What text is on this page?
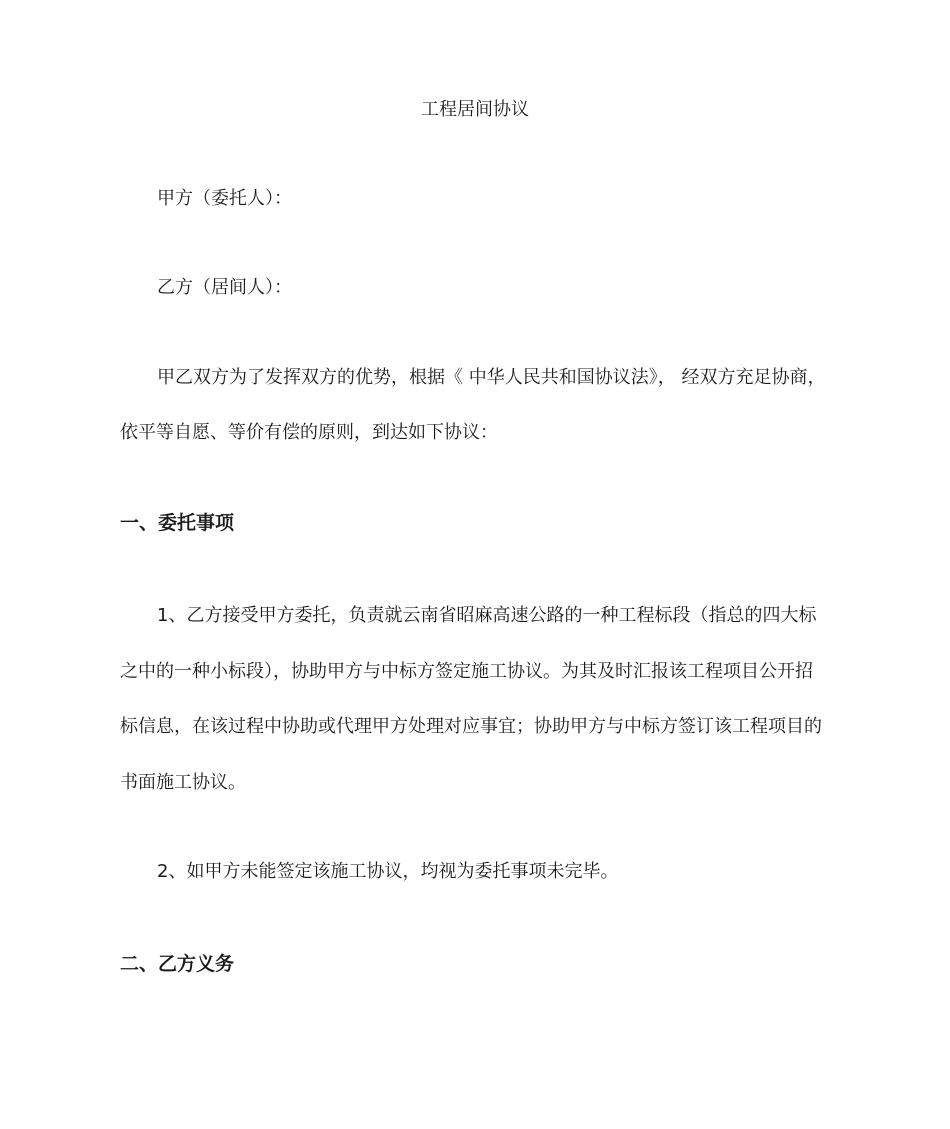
工程居间协议
甲方（委托人）：
乙方（居间人）：
甲乙双方为了发挥双方的优势，根据《 中华人民共和国协议法》， 经双方充足协商，
依平等自愿、等价有偿的原则，到达如下协议：
一、委托事项
1、乙方接受甲方委托，负责就云南省昭麻高速公路的一种工程标段（指总的四大标
之中的一种小标段），协助甲方与中标方签定施工协议。为其及时汇报该工程项目公开招
标信息，在该过程中协助或代理甲方处理对应事宜；协助甲方与中标方签订该工程项目的
书面施工协议。
2、如甲方未能签定该施工协议，均视为委托事项未完毕。
二、乙方义务
